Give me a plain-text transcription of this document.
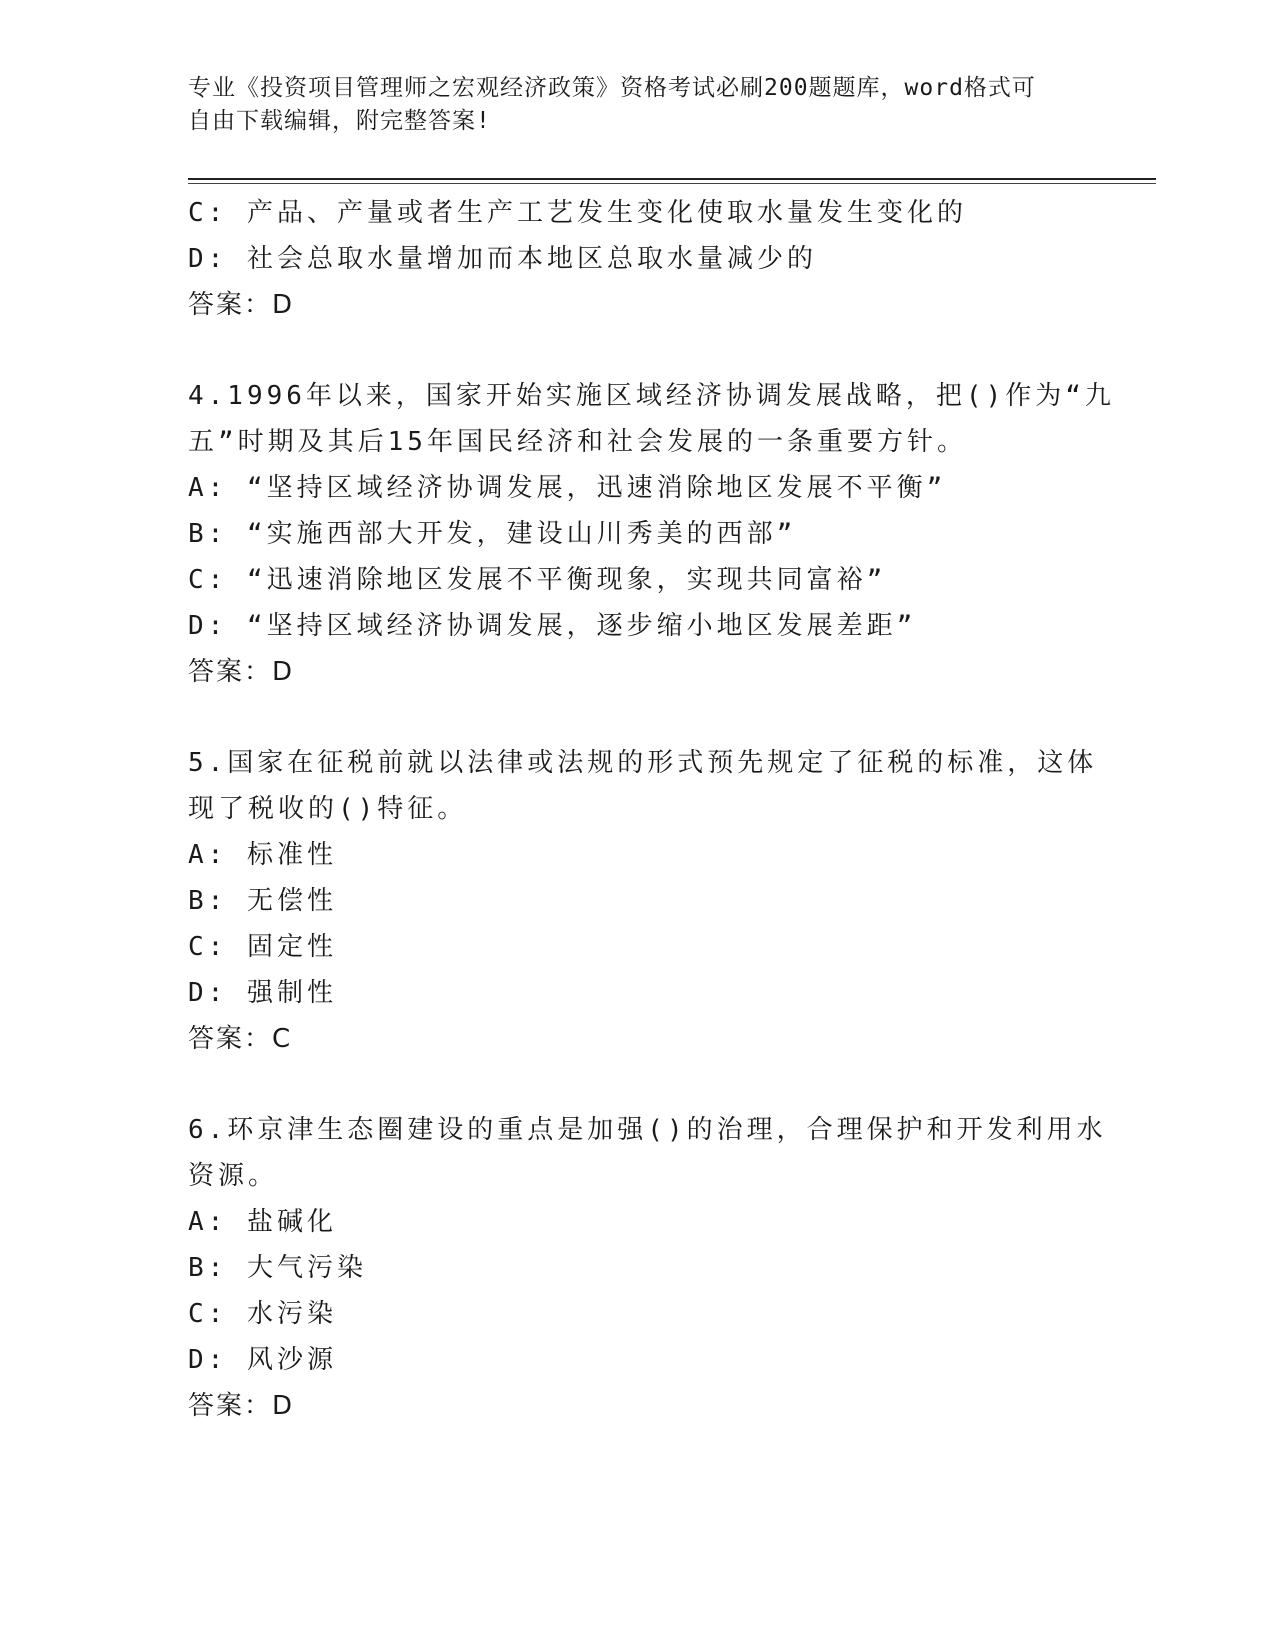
专业《投资项目管理师之宏观经济政策》资格考试必刷200题题库，word格式可
自由下载编辑，附完整答案!
C: 产品、产量或者生产工艺发生变化使取水量发生变化的
D: 社会总取水量增加而本地区总取水量减少的
答案：D
4.1996年以来，国家开始实施区域经济协调发展战略，把()作为“九
五”时期及其后15年国民经济和社会发展的一条重要方针。
A: “坚持区域经济协调发展，迅速消除地区发展不平衡”
B: “实施西部大开发，建设山川秀美的西部”
C: “迅速消除地区发展不平衡现象，实现共同富裕”
D: “坚持区域经济协调发展，逐步缩小地区发展差距”
答案：D
5.国家在征税前就以法律或法规的形式预先规定了征税的标准，这体
现了税收的()特征。
A: 标准性
B: 无偿性
C: 固定性
D: 强制性
答案：C
6.环京津生态圈建设的重点是加强()的治理，合理保护和开发利用水
资源。
A: 盐碱化
B: 大气污染
C: 水污染
D: 风沙源
答案：D
